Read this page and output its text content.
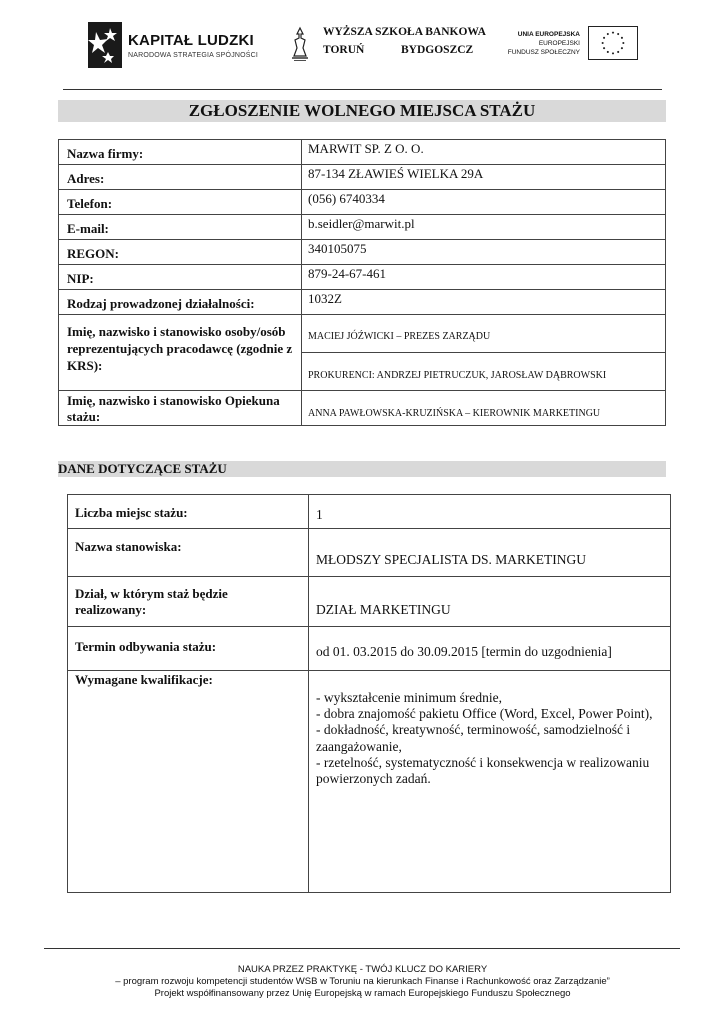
KAPITAŁ LUDZKI
NARODOWA STRATEGIA SPÓJNOŚCI
WYŻSZA SZKOŁA BANKOWA
TORUŃ	BYDGOSZCZ
UNIA EUROPEJSKA
EUROPEJSKI
FUNDUSZ SPOŁECZNY
ZGŁOSZENIE WOLNEGO MIEJSCA STAŻU
Nazwa firmy:	MARWIT SP. Z O. O.
Adres:	87-134 ZŁAWIEŚ WIELKA 29A
Telefon:	(056) 6740334
E-mail:	b.seidler@marwit.pl
REGON:	340105075
NIP:	879-24-67-461
Rodzaj prowadzonej działalności:	1032Z
Imię, nazwisko i stanowisko osoby/osób reprezentujących pracodawcę (zgodnie z KRS):	MACIEJ JÓŹWICKI – PREZES ZARZĄDU
	PROKURENCI: ANDRZEJ PIETRUCZUK, JAROSŁAW DĄBROWSKI
Imię, nazwisko i stanowisko Opiekuna stażu:	ANNA PAWŁOWSKA-KRUZIŃSKA – KIEROWNIK MARKETINGU
DANE DOTYCZĄCE STAŻU
Liczba miejsc stażu:	1
Nazwa stanowiska:	MŁODSZY SPECJALISTA DS. MARKETINGU
Dział, w którym staż będzie realizowany:	DZIAŁ MARKETINGU
Termin odbywania stażu:	od 01. 03.2015 do 30.09.2015 [termin do uzgodnienia]
Wymagane kwalifikacje:	- wykształcenie minimum średnie,
- dobra znajomość pakietu Office (Word, Excel, Power Point),
- dokładność, kreatywność, terminowość, samodzielność i zaangażowanie,
- rzetelność, systematyczność i konsekwencja w realizowaniu powierzonych zadań.
NAUKA PRZEZ PRAKTYKĘ - TWÓJ KLUCZ DO KARIERY
– program rozwoju kompetencji studentów WSB w Toruniu na kierunkach Finanse i Rachunkowość oraz Zarządzanie”
Projekt współfinansowany przez Unię Europejską w ramach Europejskiego Funduszu Społecznego
